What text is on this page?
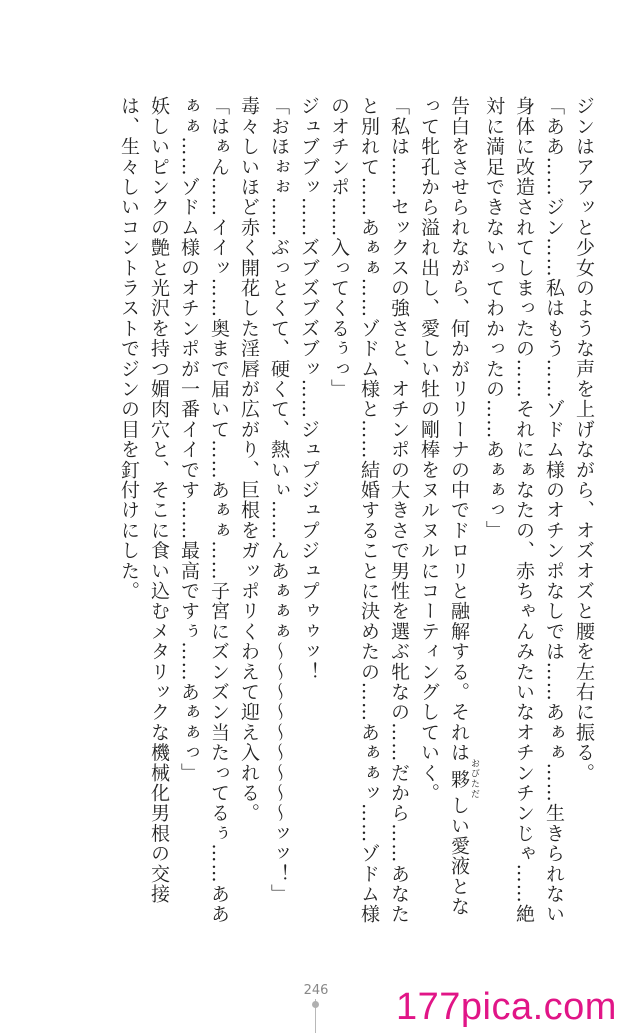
ジンはアアッと少女のような声を上げながら、オズオズと腰を左右に振る。

「ああ……ジン……私はもう……ゾドム様のオチンポなしでは……あぁぁ……生きられない身体に改造されてしまったの……それにぁなたの、赤ちゃんみたいなオチンチンじゃ……絶対に満足できないってわかったの……あぁぁっ」

告白をさせられながら、何かがリリーナの中でドロリと融解する。それは夥 おびただしい愛液となって牝孔から溢れ出し、愛しい牡の剛棒をヌルヌルにコーティングしていく。

「私は……セックスの強さと、オチンポの大きさで男性を選ぶ牝なの……だから……あなたと別れて……あぁぁ……ゾドム様と……結婚することに決めたの……あぁぁッ……ゾドム様のオチンポ……入ってくるぅっ」

ジュブブッ……ズブズブズブッ……ジュプジュプジュプゥゥッ！

「おほぉぉ……ぶっとくて、硬くて、熱いぃ……んあぁぁぁ～～～～～～～～～ッッ！」

毒々しいほど赤く開花した淫唇が広がり、巨根をガッポリくわえて迎え入れる。

「はぁん……イイッ……奥まで届いて……あぁぁ……子宮にズンズン当たってるぅ……ああぁぁ……ゾドム様のオチンポが一番イイです……最高ですぅ……あぁぁっ」

妖しいピンクの艶と光沢を持つ媚肉穴と、そこに食い込むメタリックな機械化男根の交接は、生々しいコントラストでジンの目を釘付けにした。

246 177pica.com
